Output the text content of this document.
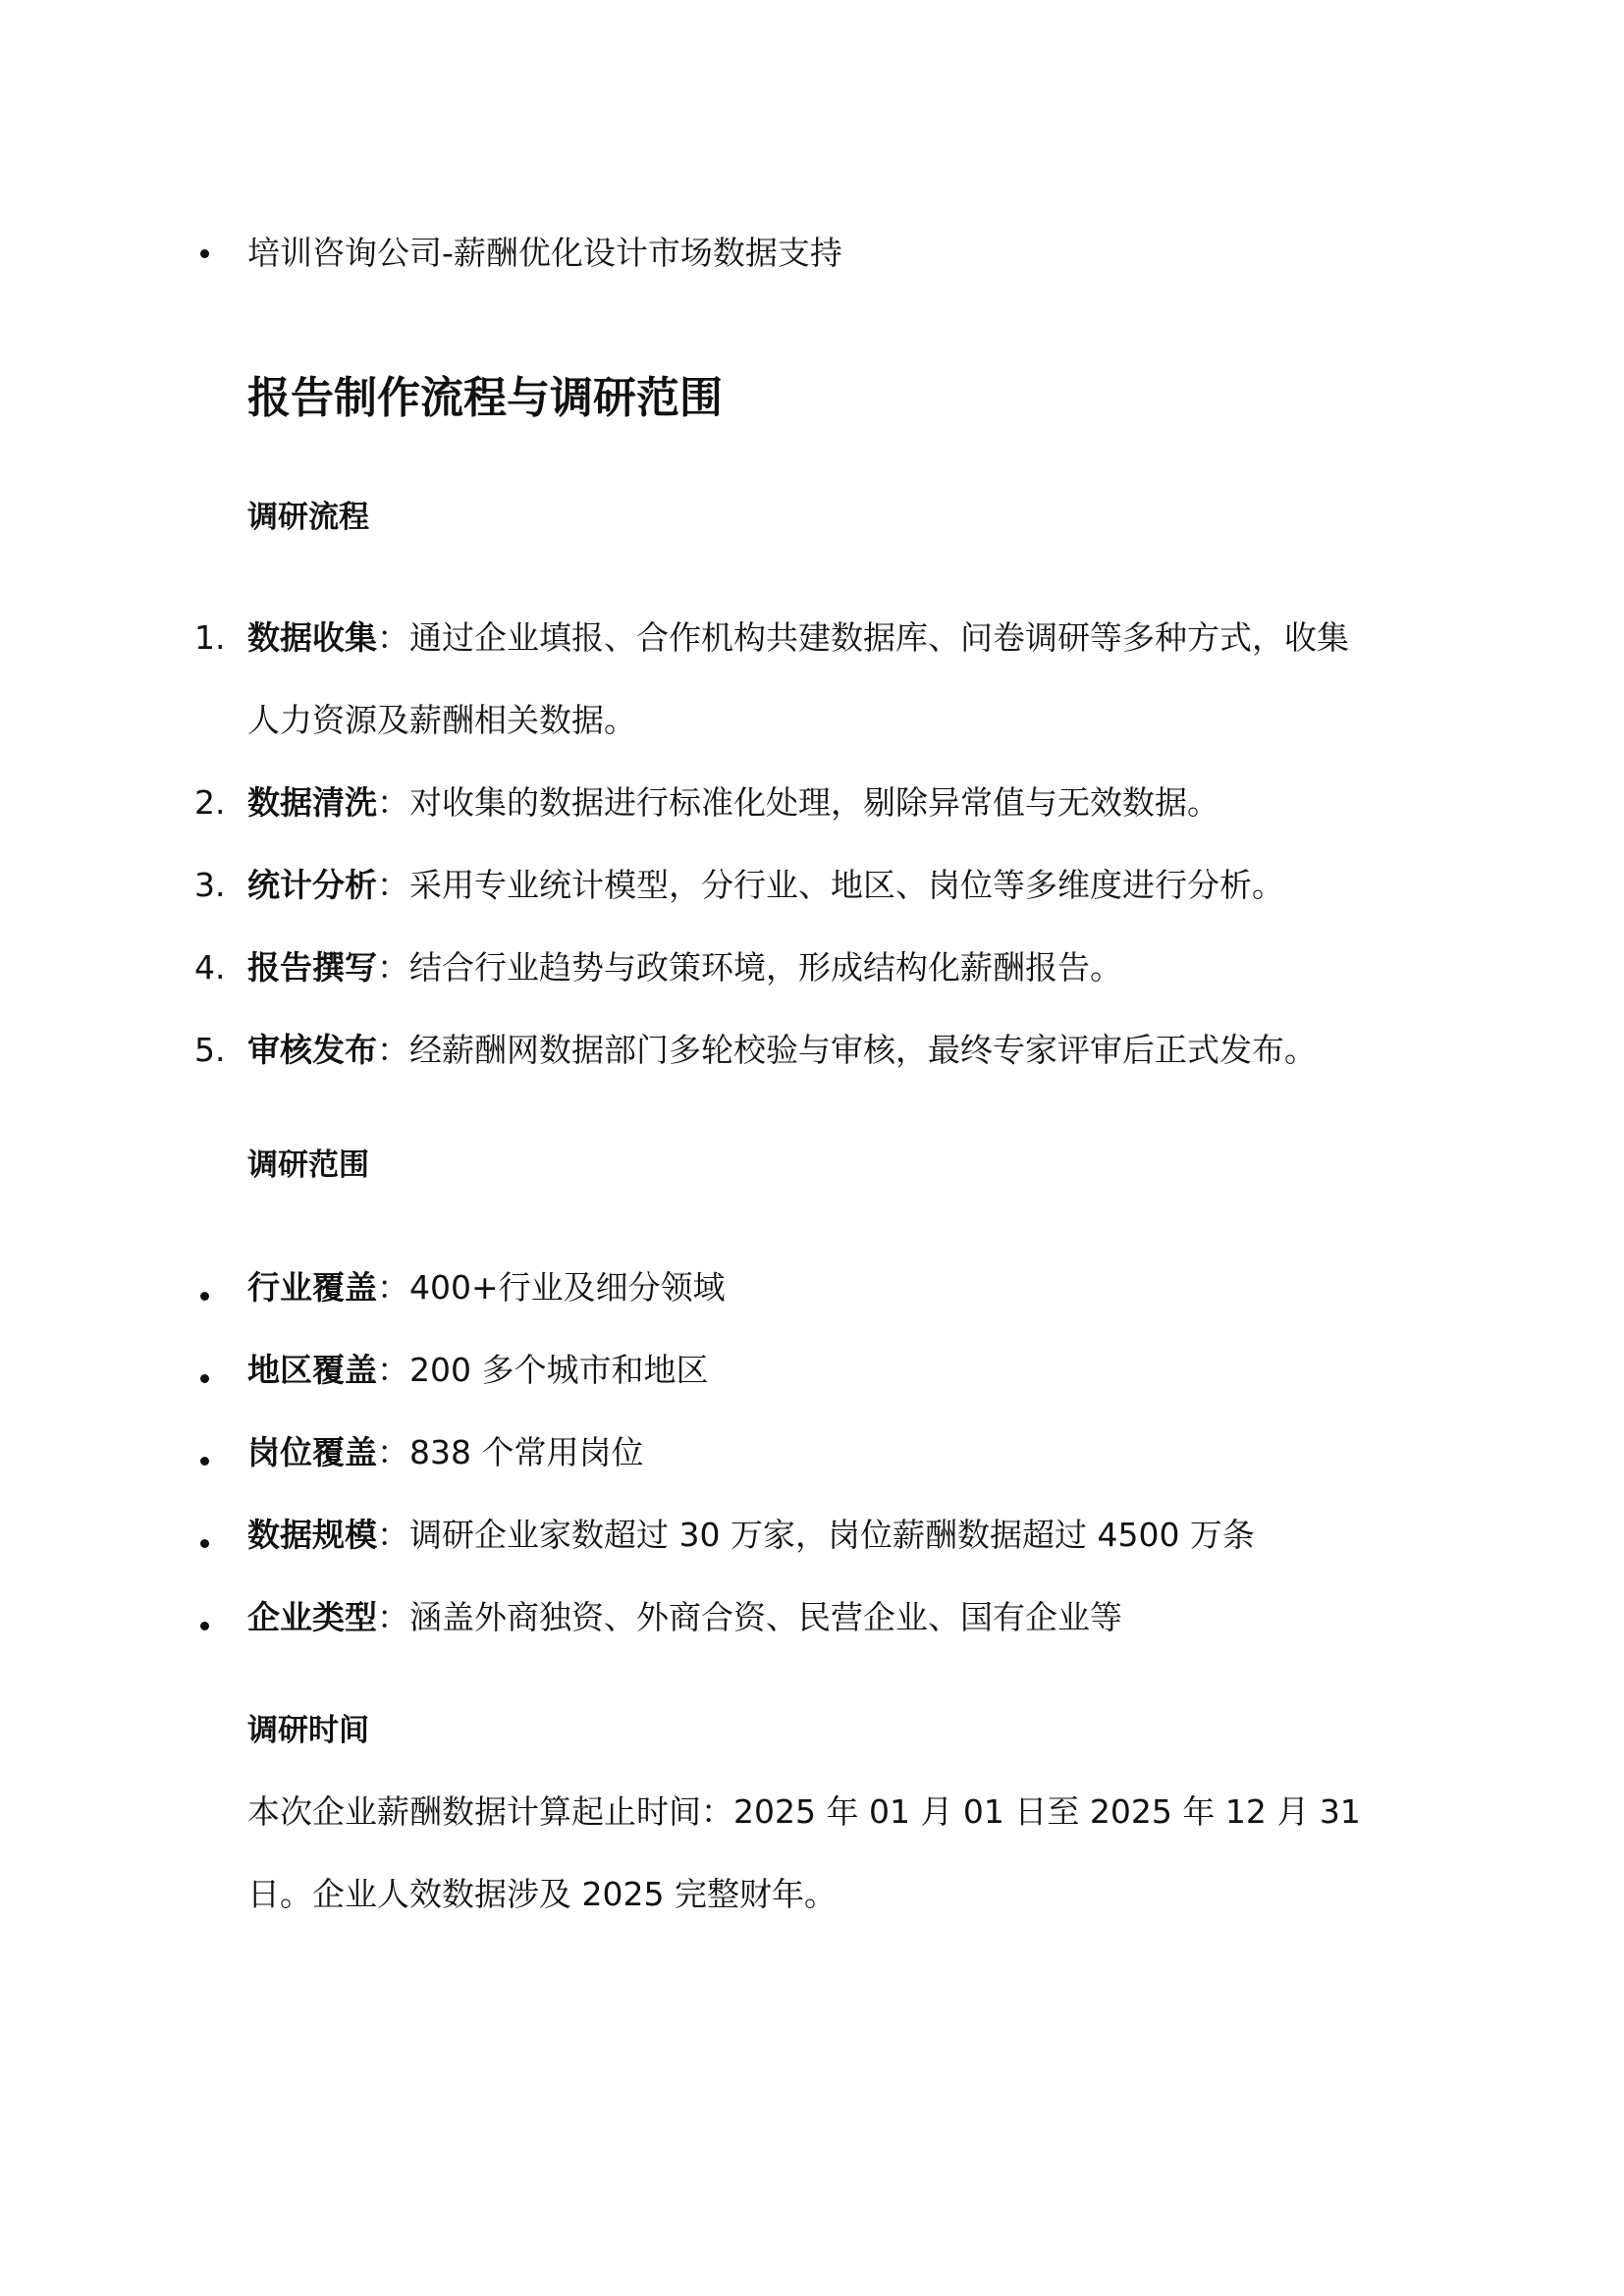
培训咨询公司-薪酬优化设计市场数据支持
报告制作流程与调研范围
调研流程
1. 数据收集：通过企业填报、合作机构共建数据库、问卷调研等多种方式，收集
人力资源及薪酬相关数据。
2. 数据清洗：对收集的数据进行标准化处理，剔除异常值与无效数据。
3. 统计分析：采用专业统计模型，分行业、地区、岗位等多维度进行分析。
4. 报告撰写：结合行业趋势与政策环境，形成结构化薪酬报告。
5. 审核发布：经薪酬网数据部门多轮校验与审核，最终专家评审后正式发布。
调研范围
行业覆盖：400+行业及细分领域
地区覆盖：200 多个城市和地区
岗位覆盖：838 个常用岗位
数据规模：调研企业家数超过 30 万家，岗位薪酬数据超过 4500 万条
企业类型：涵盖外商独资、外商合资、民营企业、国有企业等
调研时间
本次企业薪酬数据计算起止时间：2025 年 01 月 01 日至 2025 年 12 月 31
日。企业人效数据涉及 2025 完整财年。
